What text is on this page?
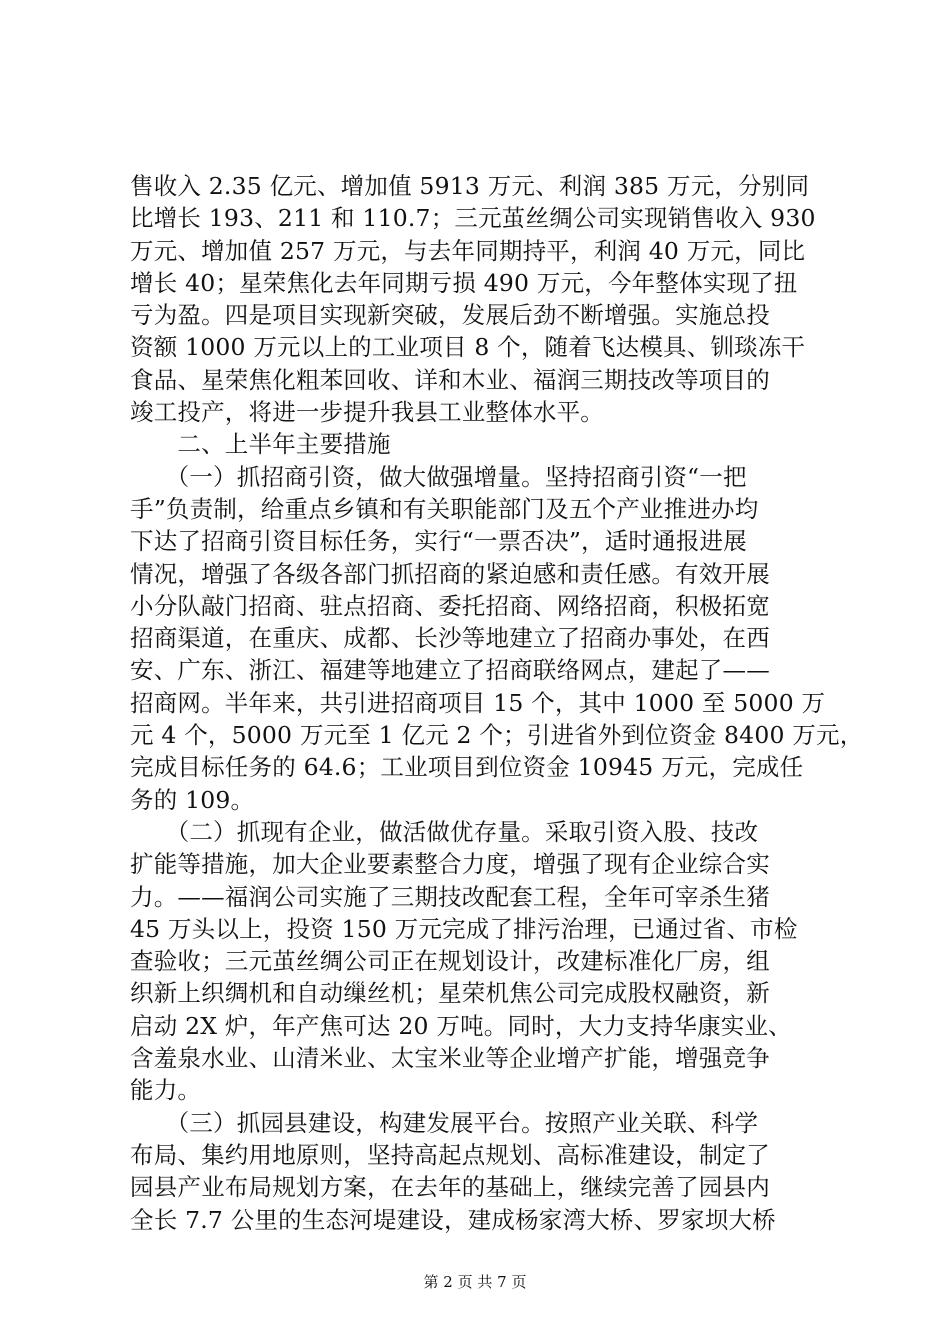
售收入 2.35 亿元、增加值 5913 万元、利润 385 万元，分别同
比增长 193、211 和 110.7；三元茧丝绸公司实现销售收入 930
万元、增加值 257 万元，与去年同期持平，利润 40 万元，同比
增长 40；星荣焦化去年同期亏损 490 万元，今年整体实现了扭
亏为盈。四是项目实现新突破，发展后劲不断增强。实施总投
资额 1000 万元以上的工业项目 8 个，随着飞达模具、钏琰冻干
食品、星荣焦化粗苯回收、详和木业、福润三期技改等项目的
竣工投产，将进一步提升我县工业整体水平。
　　二、上半年主要措施
　　（一）抓招商引资，做大做强增量。坚持招商引资“一把
手”负责制，给重点乡镇和有关职能部门及五个产业推进办均
下达了招商引资目标任务，实行“一票否决”，适时通报进展
情况，增强了各级各部门抓招商的紧迫感和责任感。有效开展
小分队敲门招商、驻点招商、委托招商、网络招商，积极拓宽
招商渠道，在重庆、成都、长沙等地建立了招商办事处，在西
安、广东、浙江、福建等地建立了招商联络网点，建起了——
招商网。半年来，共引进招商项目 15 个，其中 1000 至 5000 万
元 4 个，5000 万元至 1 亿元 2 个；引进省外到位资金 8400 万元，
完成目标任务的 64.6；工业项目到位资金 10945 万元，完成任
务的 109。
　　（二）抓现有企业，做活做优存量。采取引资入股、技改
扩能等措施，加大企业要素整合力度，增强了现有企业综合实
力。——福润公司实施了三期技改配套工程，全年可宰杀生猪
45 万头以上，投资 150 万元完成了排污治理，已通过省、市检
查验收；三元茧丝绸公司正在规划设计，改建标准化厂房，组
织新上织绸机和自动缫丝机；星荣机焦公司完成股权融资，新
启动 2X 炉，年产焦可达 20 万吨。同时，大力支持华康实业、
含羞泉水业、山清米业、太宝米业等企业增产扩能，增强竞争
能力。
　　（三）抓园县建设，构建发展平台。按照产业关联、科学
布局、集约用地原则，坚持高起点规划、高标准建设，制定了
园县产业布局规划方案，在去年的基础上，继续完善了园县内
全长 7.7 公里的生态河堤建设，建成杨家湾大桥、罗家坝大桥
第 2 页 共 7 页
